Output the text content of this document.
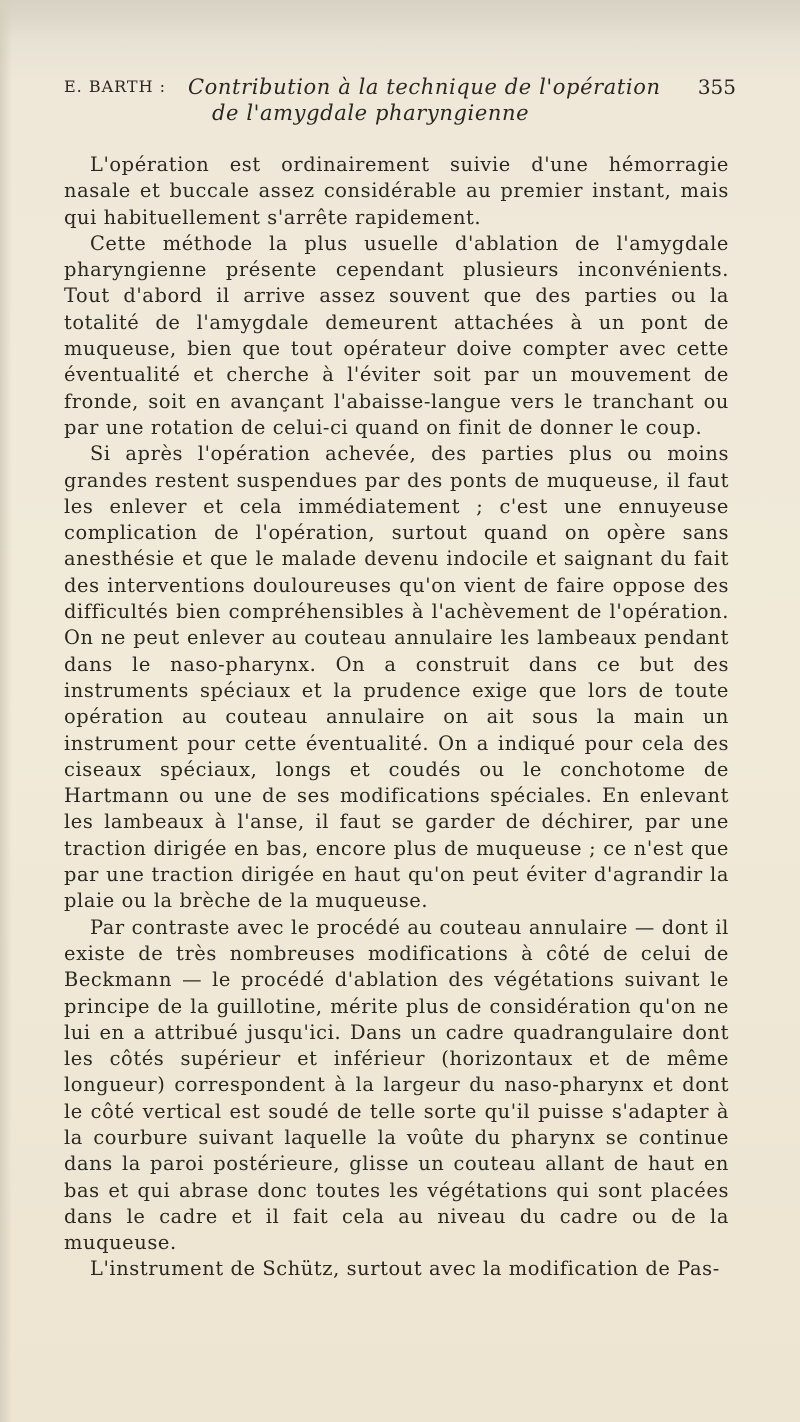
E. BARTH : Contribution à la technique de l'opération 355
de l'amygdale pharyngienne

L'opération est ordinairement suivie d'une hémorragie nasale et buccale assez considérable au premier instant, mais qui habituellement s'arrête rapidement.

Cette méthode la plus usuelle d'ablation de l'amygdale pharyngienne présente cependant plusieurs inconvénients. Tout d'abord il arrive assez souvent que des parties ou la totalité de l'amygdale demeurent attachées à un pont de muqueuse, bien que tout opérateur doive compter avec cette éventualité et cherche à l'éviter soit par un mouvement de fronde, soit en avançant l'abaisse-langue vers le tranchant ou par une rotation de celui-ci quand on finit de donner le coup.

Si après l'opération achevée, des parties plus ou moins grandes restent suspendues par des ponts de muqueuse, il faut les enlever et cela immédiatement ; c'est une ennuyeuse complication de l'opération, surtout quand on opère sans anesthésie et que le malade devenu indocile et saignant du fait des interventions douloureuses qu'on vient de faire oppose des difficultés bien compréhensibles à l'achèvement de l'opération. On ne peut enlever au couteau annulaire les lambeaux pendant dans le naso-pharynx. On a construit dans ce but des instruments spéciaux et la prudence exige que lors de toute opération au couteau annulaire on ait sous la main un instrument pour cette éventualité. On a indiqué pour cela des ciseaux spéciaux, longs et coudés ou le conchotome de Hartmann ou une de ses modifications spéciales. En enlevant les lambeaux à l'anse, il faut se garder de déchirer, par une traction dirigée en bas, encore plus de muqueuse ; ce n'est que par une traction dirigée en haut qu'on peut éviter d'agrandir la plaie ou la brèche de la muqueuse.

Par contraste avec le procédé au couteau annulaire — dont il existe de très nombreuses modifications à côté de celui de Beckmann — le procédé d'ablation des végétations suivant le principe de la guillotine, mérite plus de considération qu'on ne lui en a attribué jusqu'ici. Dans un cadre quadrangulaire dont les côtés supérieur et inférieur (horizontaux et de même longueur) correspondent à la largeur du naso-pharynx et dont le côté vertical est soudé de telle sorte qu'il puisse s'adapter à la courbure suivant laquelle la voûte du pharynx se continue dans la paroi postérieure, glisse un couteau allant de haut en bas et qui abrase donc toutes les végétations qui sont placées dans le cadre et il fait cela au niveau du cadre ou de la muqueuse.

L'instrument de Schütz, surtout avec la modification de Pas-
